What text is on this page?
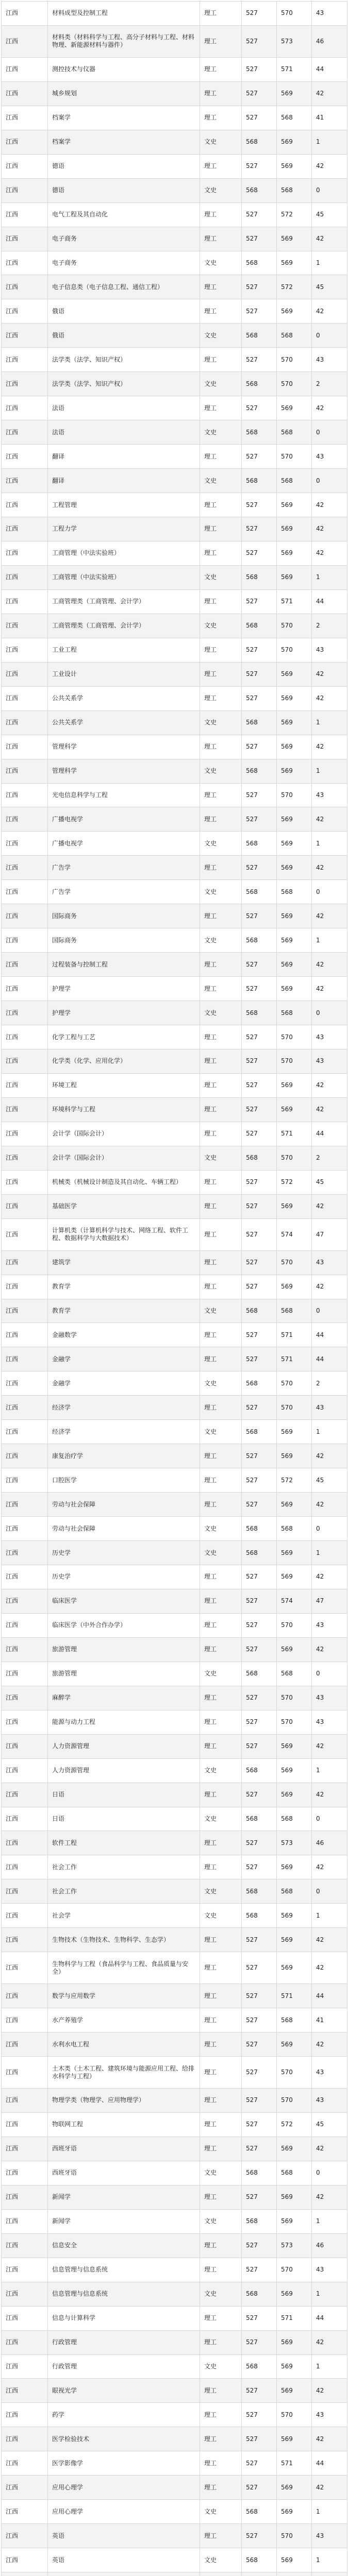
江西	材料成型及控制工程	理工	527	570	43
江西	材料类（材料科学与工程、高分子材料与工程、材料物理、新能源材料与器件）	理工	527	573	46
江西	测控技术与仪器	理工	527	571	44
江西	城乡规划	理工	527	569	42
江西	档案学	理工	527	568	41
江西	档案学	文史	568	569	1
江西	德语	理工	527	569	42
江西	德语	文史	568	568	0
江西	电气工程及其自动化	理工	527	572	45
江西	电子商务	理工	527	569	42
江西	电子商务	文史	568	569	1
江西	电子信息类（电子信息工程、通信工程）	理工	527	572	45
江西	俄语	理工	527	569	42
江西	俄语	文史	568	568	0
江西	法学类（法学、知识产权）	理工	527	570	43
江西	法学类（法学、知识产权）	文史	568	570	2
江西	法语	理工	527	569	42
江西	法语	文史	568	568	0
江西	翻译	理工	527	570	43
江西	翻译	文史	568	568	0
江西	工程管理	理工	527	569	42
江西	工程力学	理工	527	569	42
江西	工商管理（中法实验班）	理工	527	569	42
江西	工商管理（中法实验班）	文史	568	569	1
江西	工商管理类（工商管理、会计学）	理工	527	571	44
江西	工商管理类（工商管理、会计学）	文史	568	570	2
江西	工业工程	理工	527	570	43
江西	工业设计	理工	527	569	42
江西	公共关系学	理工	527	569	42
江西	公共关系学	文史	568	569	1
江西	管理科学	理工	527	569	42
江西	管理科学	文史	568	569	1
江西	光电信息科学与工程	理工	527	570	43
江西	广播电视学	理工	527	569	42
江西	广播电视学	文史	568	569	1
江西	广告学	理工	527	569	42
江西	广告学	文史	568	568	0
江西	国际商务	理工	527	569	42
江西	国际商务	文史	568	569	1
江西	过程装备与控制工程	理工	527	569	42
江西	护理学	理工	527	569	42
江西	护理学	文史	568	568	0
江西	化学工程与工艺	理工	527	570	43
江西	化学类（化学、应用化学）	理工	527	570	43
江西	环境工程	理工	527	569	42
江西	环境科学与工程	理工	527	569	42
江西	会计学（国际会计）	理工	527	571	44
江西	会计学（国际会计）	文史	568	570	2
江西	机械类（机械设计制造及其自动化、车辆工程）	理工	527	572	45
江西	基础医学	理工	527	569	42
江西	计算机类（计算机科学与技术、网络工程、软件工程、数据科学与大数据技术）	理工	527	574	47
江西	建筑学	理工	527	570	43
江西	教育学	理工	527	569	42
江西	教育学	文史	568	568	0
江西	金融数学	理工	527	571	44
江西	金融学	理工	527	571	44
江西	金融学	文史	568	570	2
江西	经济学	理工	527	570	43
江西	经济学	文史	568	569	1
江西	康复治疗学	理工	527	569	42
江西	口腔医学	理工	527	572	45
江西	劳动与社会保障	理工	527	569	42
江西	劳动与社会保障	文史	568	568	0
江西	历史学	文史	568	569	1
江西	历史学	理工	527	569	42
江西	临床医学	理工	527	574	47
江西	临床医学（中外合作办学）	理工	527	570	43
江西	旅游管理	理工	527	569	42
江西	旅游管理	文史	568	568	0
江西	麻醉学	理工	527	570	43
江西	能源与动力工程	理工	527	570	43
江西	人力资源管理	理工	527	569	42
江西	人力资源管理	文史	568	569	1
江西	日语	理工	527	569	42
江西	日语	文史	568	568	0
江西	软件工程	理工	527	573	46
江西	社会工作	理工	527	569	42
江西	社会工作	文史	568	568	0
江西	社会学	文史	568	569	1
江西	生物技术（生物技术、生物科学、生态学）	理工	527	569	42
江西	生物科学与工程（食品科学与工程、食品质量与安全）	理工	527	569	42
江西	数学与应用数学	理工	527	571	44
江西	水产养殖学	理工	527	568	41
江西	水利水电工程	理工	527	569	42
江西	土木类（土木工程、建筑环境与能源应用工程、给排水科学与工程）	理工	527	570	43
江西	物理学类（物理学、应用物理学）	理工	527	570	43
江西	物联网工程	理工	527	572	45
江西	西班牙语	理工	527	569	42
江西	西班牙语	文史	568	568	0
江西	新闻学	理工	527	569	42
江西	新闻学	文史	568	569	1
江西	信息安全	理工	527	573	46
江西	信息管理与信息系统	理工	527	570	43
江西	信息管理与信息系统	文史	568	569	1
江西	信息与计算科学	理工	527	571	44
江西	行政管理	理工	527	569	42
江西	行政管理	文史	568	569	1
江西	眼视光学	理工	527	569	42
江西	药学	理工	527	570	43
江西	医学检验技术	理工	527	569	42
江西	医学影像学	理工	527	571	44
江西	应用心理学	理工	527	569	42
江西	应用心理学	文史	568	569	1
江西	英语	理工	527	570	43
江西	英语	文史	568	569	1
